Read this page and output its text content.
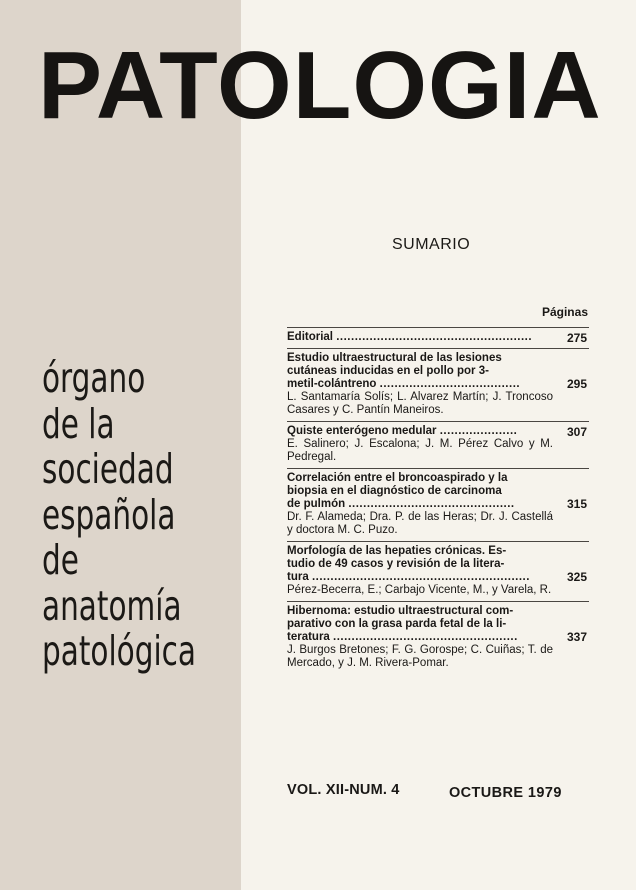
PATOLOGIA
órgano
de la
sociedad
española
de
anatomía
patológica
SUMARIO
Páginas
Editorial .....................................................	275
Estudio ultraestructural de las lesiones
cutáneas inducidas en el pollo por 3-
metil-colántreno ......................................
L. Santamaría Solís; L. Alvarez Martín; J. Troncoso Casares y C. Pantín Maneiros.
295
Quiste enterógeno medular .....................
E. Salinero; J. Escalona; J. M. Pérez Calvo y M. Pedregal.
307
Correlación entre el broncoaspirado y la
biopsia en el diagnóstico de carcinoma
de pulmón .............................................
Dr. F. Alameda; Dra. P. de las Heras; Dr. J. Castellá y doctora M. C. Puzo.
315
Morfología de las hepaties crónicas. Es-
tudio de 49 casos y revisión de la litera-
tura ...........................................................
Pérez-Becerra, E.; Carbajo Vicente, M., y Varela, R.
325
Hibernoma: estudio ultraestructural com-
parativo con la grasa parda fetal de la li-
teratura ..................................................
J. Burgos Bretones; F. G. Gorospe; C. Cuiñas; T. de Mercado, y J. M. Rivera-Pomar.
337
VOL. XII-NUM. 4	OCTUBRE 1979
